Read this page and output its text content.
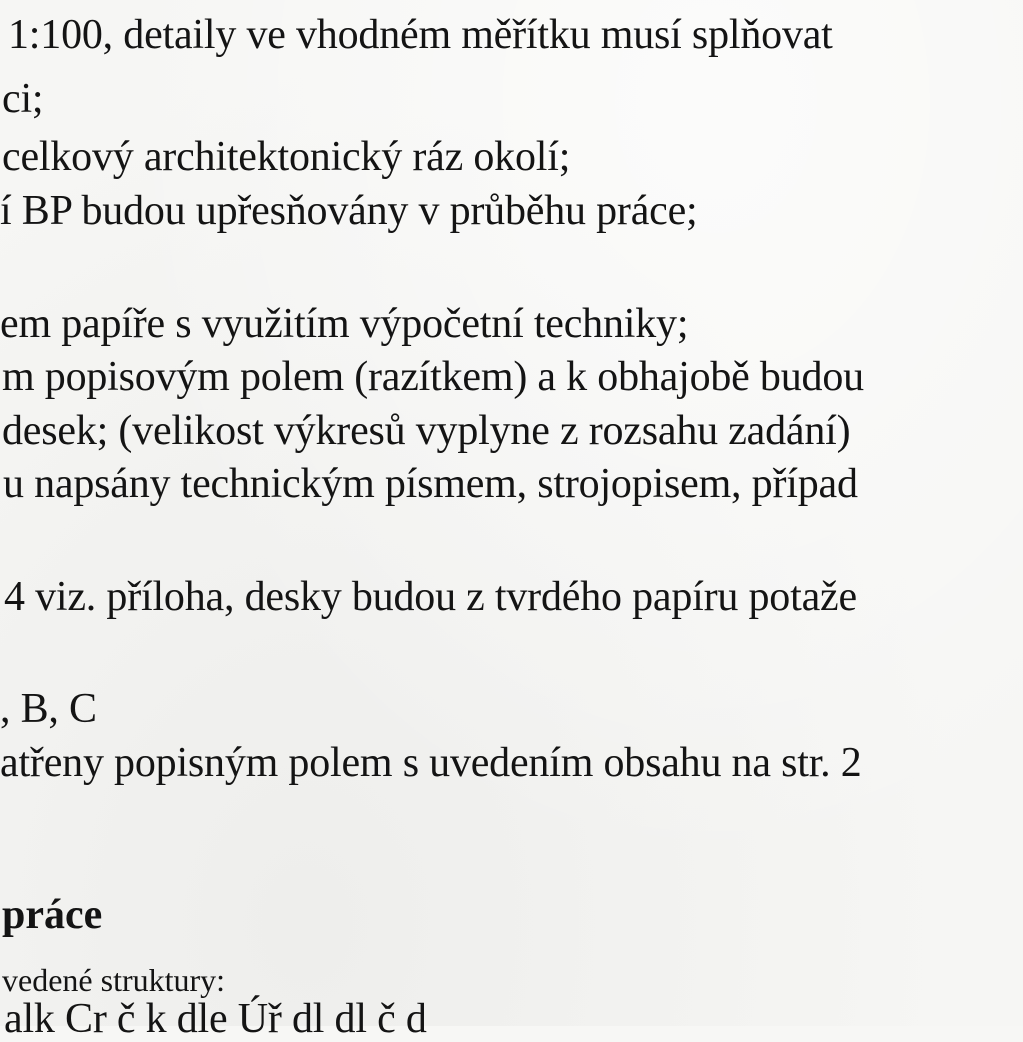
1:100, detaily ve vhodném měřítku musí splňovat

ci;

celkový architektonický ráz okolí;

í BP budou upřesňovány v průběhu práce;

em papíře s využitím výpočetní techniky;

m popisovým polem (razítkem) a k obhajobě budou

desek; (velikost výkresů vyplyne z rozsahu zadání)

u napsány technickým písmem, strojopisem, případ

4 viz. příloha, desky budou z tvrdého papíru potaže

, B, C

atřeny popisným polem s uvedením obsahu na str. 2

práce

vedené struktury:

alk Cr č k dle Úř dl dl č d
